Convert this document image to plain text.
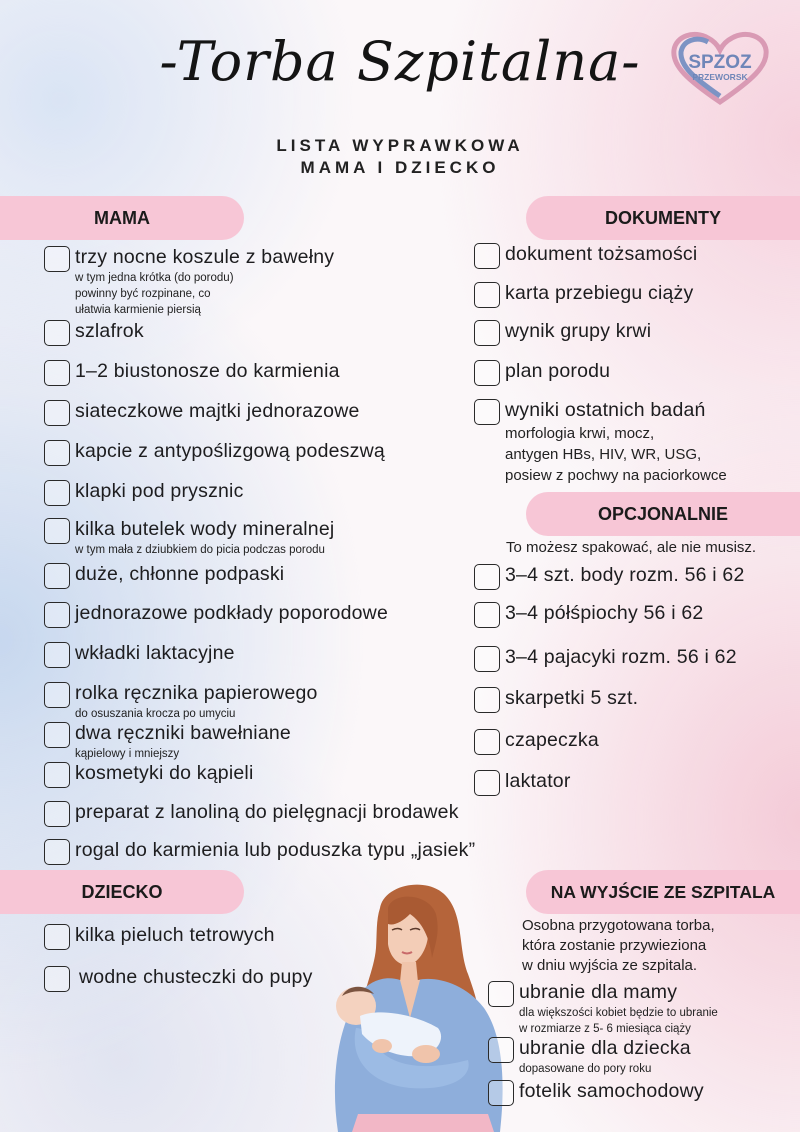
-Torba Szpitalna-
LISTA WYPRAWKOWA
MAMA I DZIECKO
SPZOZ
PRZEWORSK
MAMA	DOKUMENTY
OPCJONALNIE
DZIECKO	NA WYJŚCIE ZE SZPITALA
trzy nocne koszule z bawełny
w tym jedna krótka (do porodu)
powinny być rozpinane, co
ułatwia karmienie piersią
szlafrok
1–2 biustonosze do karmienia
siateczkowe majtki jednorazowe
kapcie z antypoślizgową podeszwą
klapki pod prysznic
kilka butelek wody mineralnej
w tym mała z dziubkiem do picia podczas porodu
duże, chłonne podpaski
jednorazowe podkłady poporodowe
wkładki laktacyjne
rolka ręcznika papierowego
do osuszania krocza po umyciu
dwa ręczniki bawełniane
kąpielowy i mniejszy
kosmetyki do kąpieli
preparat z lanoliną do pielęgnacji brodawek
rogal do karmienia lub poduszka typu „jasiek”
dokument tożsamości
karta przebiegu ciąży
wynik grupy krwi
plan porodu
wyniki ostatnich badań
morfologia krwi, mocz,
antygen HBs, HIV, WR, USG,
posiew z pochwy na paciorkowce
To możesz spakować, ale nie musisz.
3–4 szt. body rozm. 56 i 62
3–4 półśpiochy 56 i 62
3–4 pajacyki rozm. 56 i 62
skarpetki 5 szt.
czapeczka
laktator
kilka pieluch tetrowych
wodne chusteczki do pupy
Osobna przygotowana torba,
która zostanie przywieziona
w dniu wyjścia ze szpitala.
ubranie dla mamy
dla większości kobiet będzie to ubranie
w rozmiarze z 5- 6 miesiąca ciąży
ubranie dla dziecka
dopasowane do pory roku
fotelik samochodowy
